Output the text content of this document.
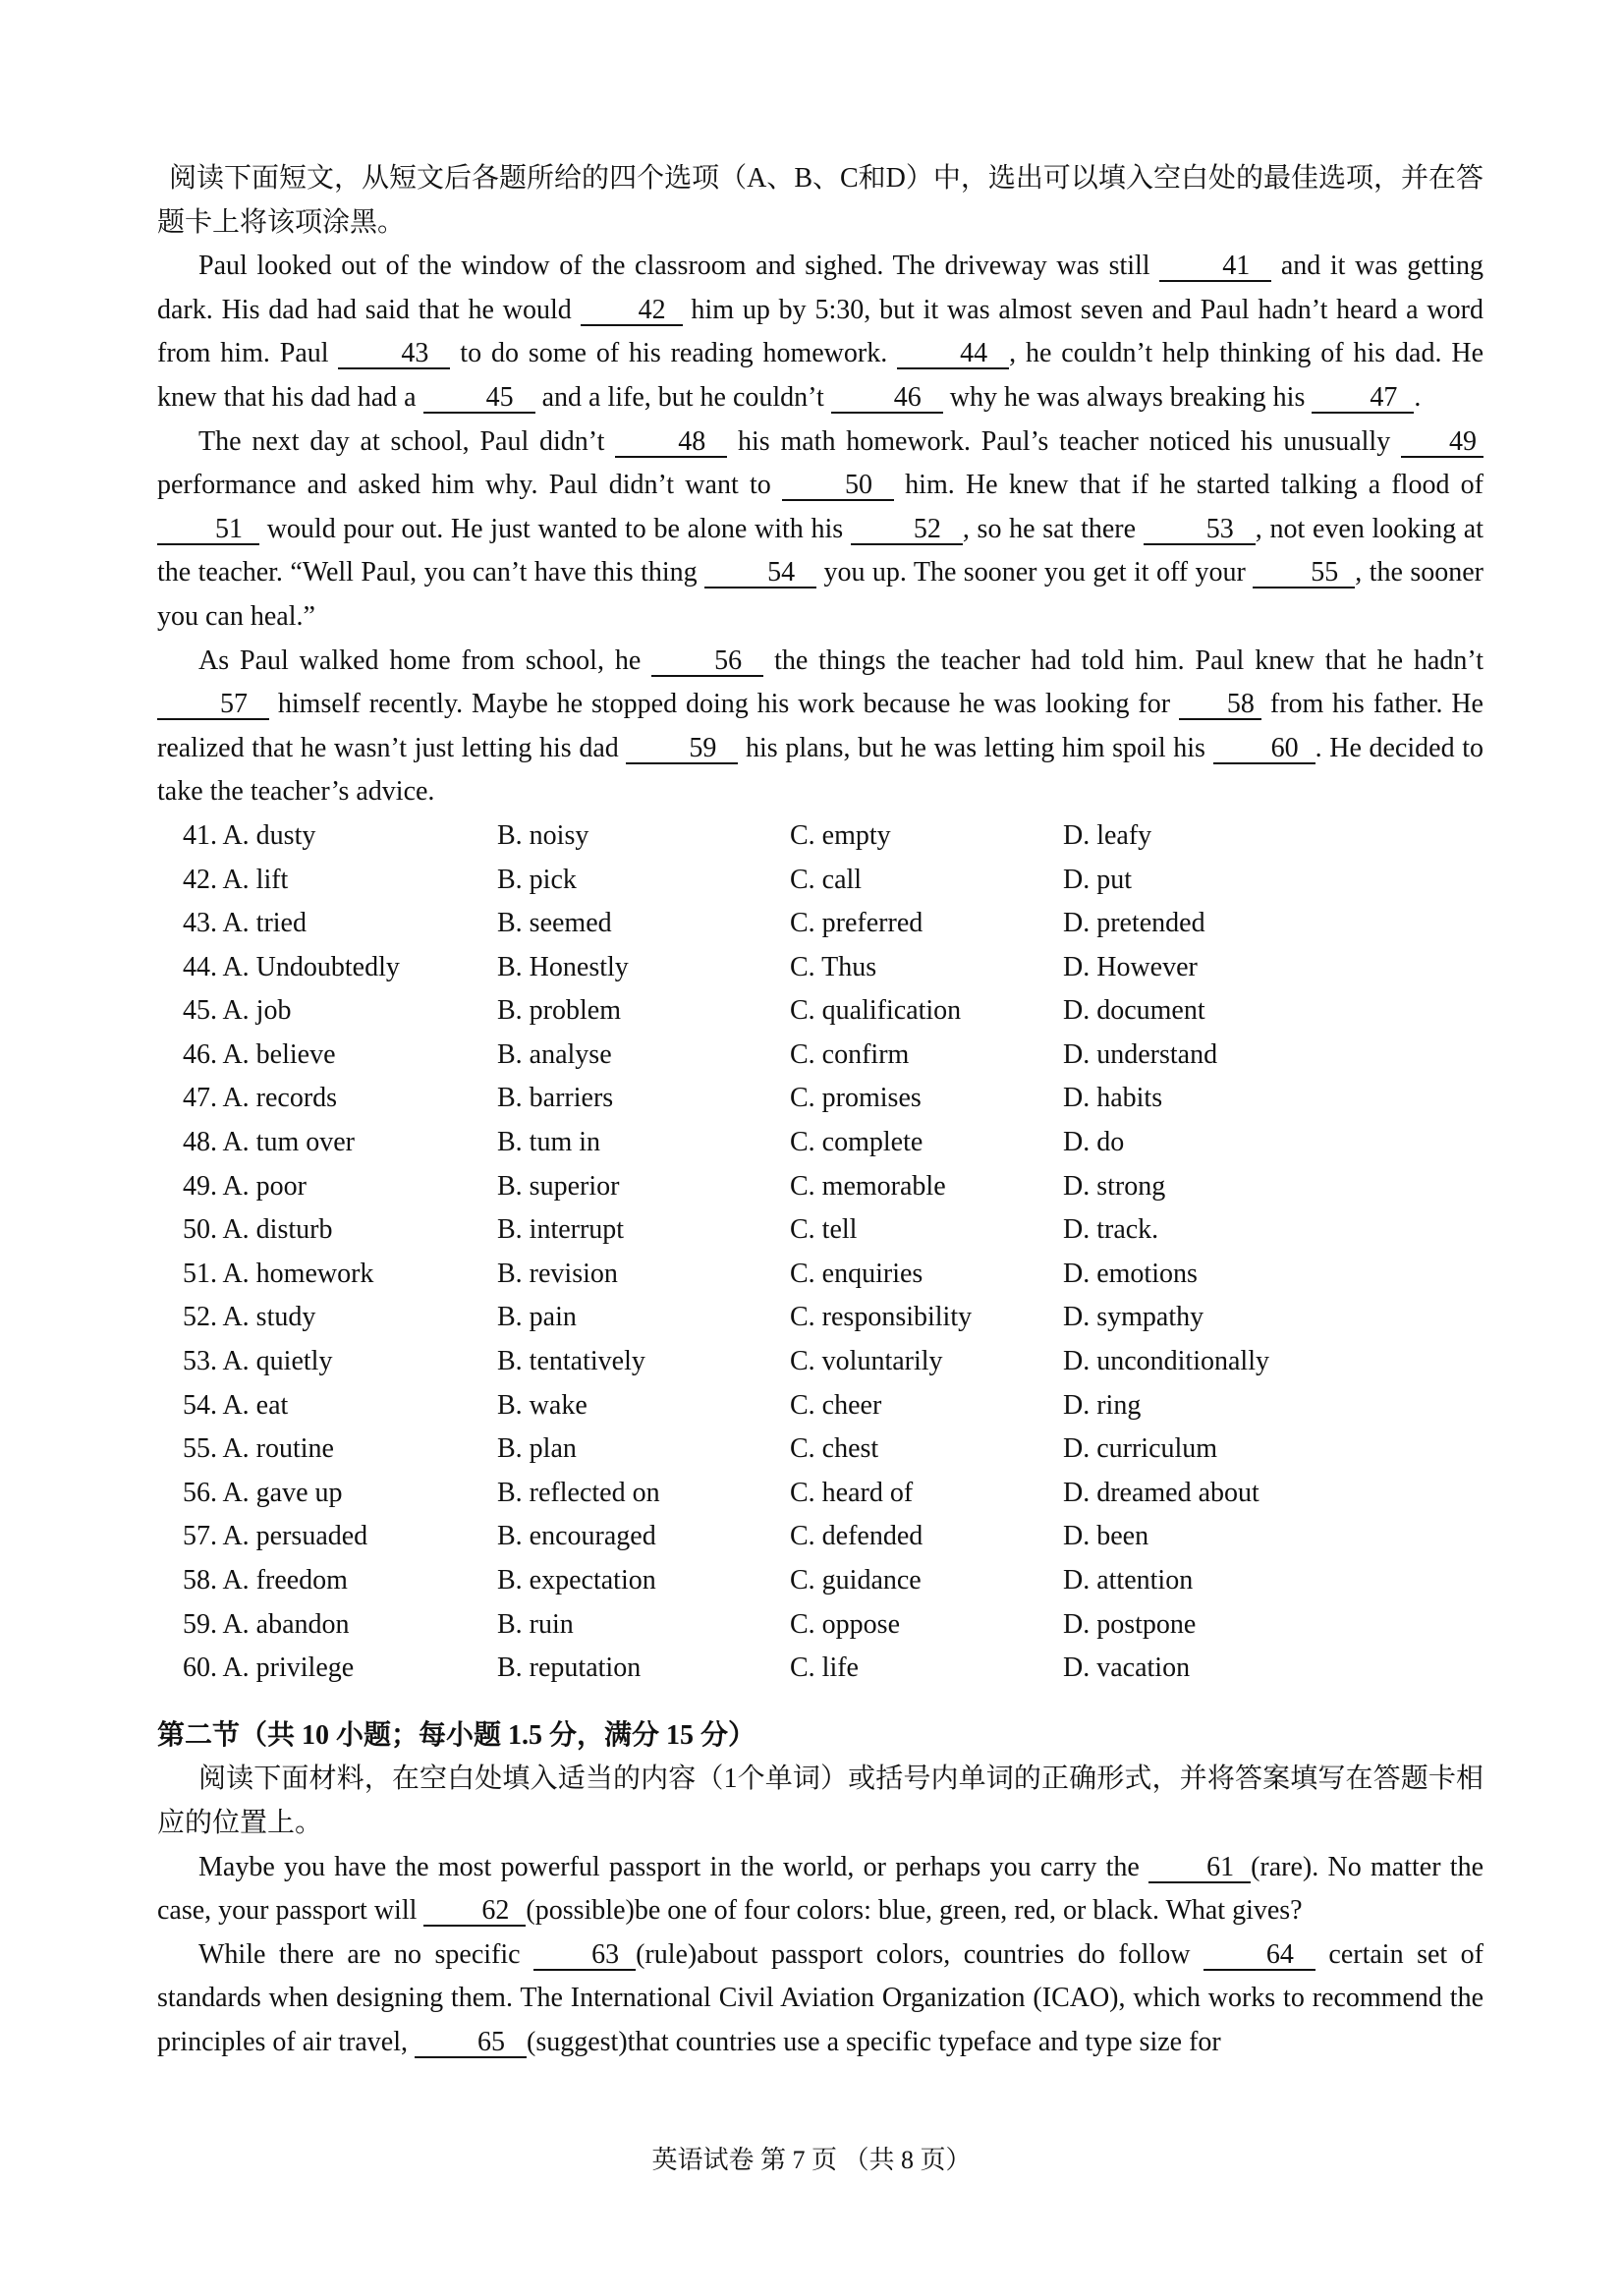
阅读下面短文，从短文后各题所给的四个选项（A、B、C和D）中，选出可以填入空白处的最佳选项，并在答题卡上将该项涂黑。

Paul looked out of the window of the classroom and sighed. The driveway was still 41 and it was getting dark. His dad had said that he would 42 him up by 5:30, but it was almost seven and Paul hadn’t heard a word from him. Paul 43 to do some of his reading homework. 44 , he couldn’t help thinking of his dad. He knew that his dad had a 45 and a life, but he couldn’t 46 why he was always breaking his 47 .

The next day at school, Paul didn’t 48 his math homework. Paul’s teacher noticed his unusually 49 performance and asked him why. Paul didn’t want to 50 him. He knew that if he started talking a flood of 51 would pour out. He just wanted to be alone with his 52 , so he sat there 53 , not even looking at the teacher. “Well Paul, you can’t have this thing 54 you up. The sooner you get it off your 55 , the sooner you can heal.”

As Paul walked home from school, he 56 the things the teacher had told him. Paul knew that he hadn’t 57 himself recently. Maybe he stopped doing his work because he was looking for 58 from his father. He realized that he wasn’t just letting his dad 59 his plans, but he was letting him spoil his 60 . He decided to take the teacher’s advice.

41. A. dusty	B. noisy	C. empty	D. leafy
42. A. lift	B. pick	C. call	D. put
43. A. tried	B. seemed	C. preferred	D. pretended
44. A. Undoubtedly	B. Honestly	C. Thus	D. However
45. A. job	B. problem	C. qualification	D. document
46. A. believe	B. analyse	C. confirm	D. understand
47. A. records	B. barriers	C. promises	D. habits
48. A. tum over	B. tum in	C. complete	D. do
49. A. poor	B. superior	C. memorable	D. strong
50. A. disturb	B. interrupt	C. tell	D. track.
51. A. homework	B. revision	C. enquiries	D. emotions
52. A. study	B. pain	C. responsibility	D. sympathy
53. A. quietly	B. tentatively	C. voluntarily	D. unconditionally
54. A. eat	B. wake	C. cheer	D. ring
55. A. routine	B. plan	C. chest	D. curriculum
56. A. gave up	B. reflected on	C. heard of	D. dreamed about
57. A. persuaded	B. encouraged	C. defended	D. been
58. A. freedom	B. expectation	C. guidance	D. attention
59. A. abandon	B. ruin	C. oppose	D. postpone
60. A. privilege	B. reputation	C. life	D. vacation
第二节（共 10 小题；每小题 1.5 分，满分 15 分）

阅读下面材料，在空白处填入适当的内容（1个单词）或括号内单词的正确形式，并将答案填写在答题卡相应的位置上。

Maybe you have the most powerful passport in the world, or perhaps you carry the 61 (rare). No matter the case, your passport will 62 (possible)be one of four colors: blue, green, red, or black. What gives?

While there are no specific 63 (rule)about passport colors, countries do follow 64 certain set of standards when designing them. The International Civil Aviation Organization (ICAO), which works to recommend the principles of air travel, 65 (suggest)that countries use a specific typeface and type size for

英语试卷 第 7 页 （共 8 页）
